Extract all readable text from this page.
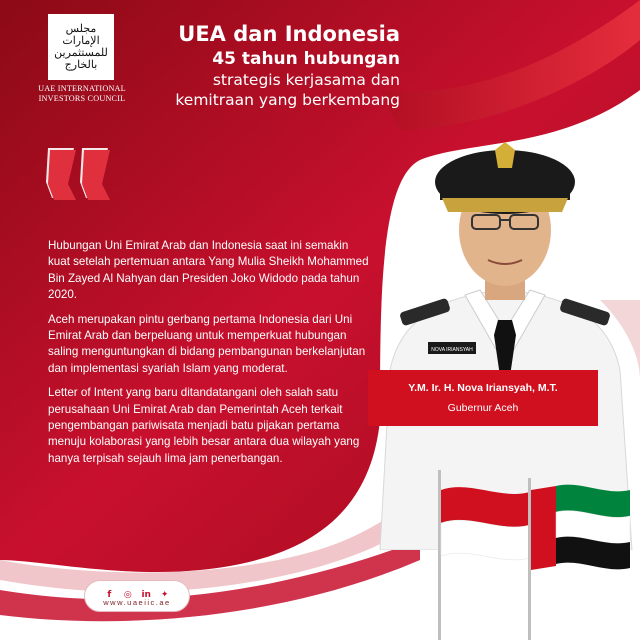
مجلس
الإمارات
للمستثمرين
بالخارج
UAE INTERNATIONAL
INVESTORS COUNCIL
UEA dan Indonesia
45 tahun hubungan
strategis kerjasama dan
kemitraan yang berkembang

Hubungan Uni Emirat Arab dan Indonesia saat ini semakin kuat setelah pertemuan antara Yang Mulia Sheikh Mohammed Bin Zayed Al Nahyan dan Presiden Joko Widodo pada tahun 2020.

Aceh merupakan pintu gerbang pertama Indonesia dari Uni Emirat Arab dan berpeluang untuk memperkuat hubungan saling menguntungkan di bidang pembangunan berkelanjutan dan implementasi syariah Islam yang moderat.

Letter of Intent yang baru ditandatangani oleh salah satu perusahaan Uni Emirat Arab dan Pemerintah Aceh terkait pengembangan pariwisata menjadi batu pijakan pertama menuju kolaborasi yang lebih besar antara dua wilayah yang hanya terpisah sejauh lima jam penerbangan.

NOVA IRIANSYAH
Y.M. Ir. H. Nova Iriansyah, M.T.
Gubernur Aceh
f ◎ in ✦
www.uaeiic.ae
